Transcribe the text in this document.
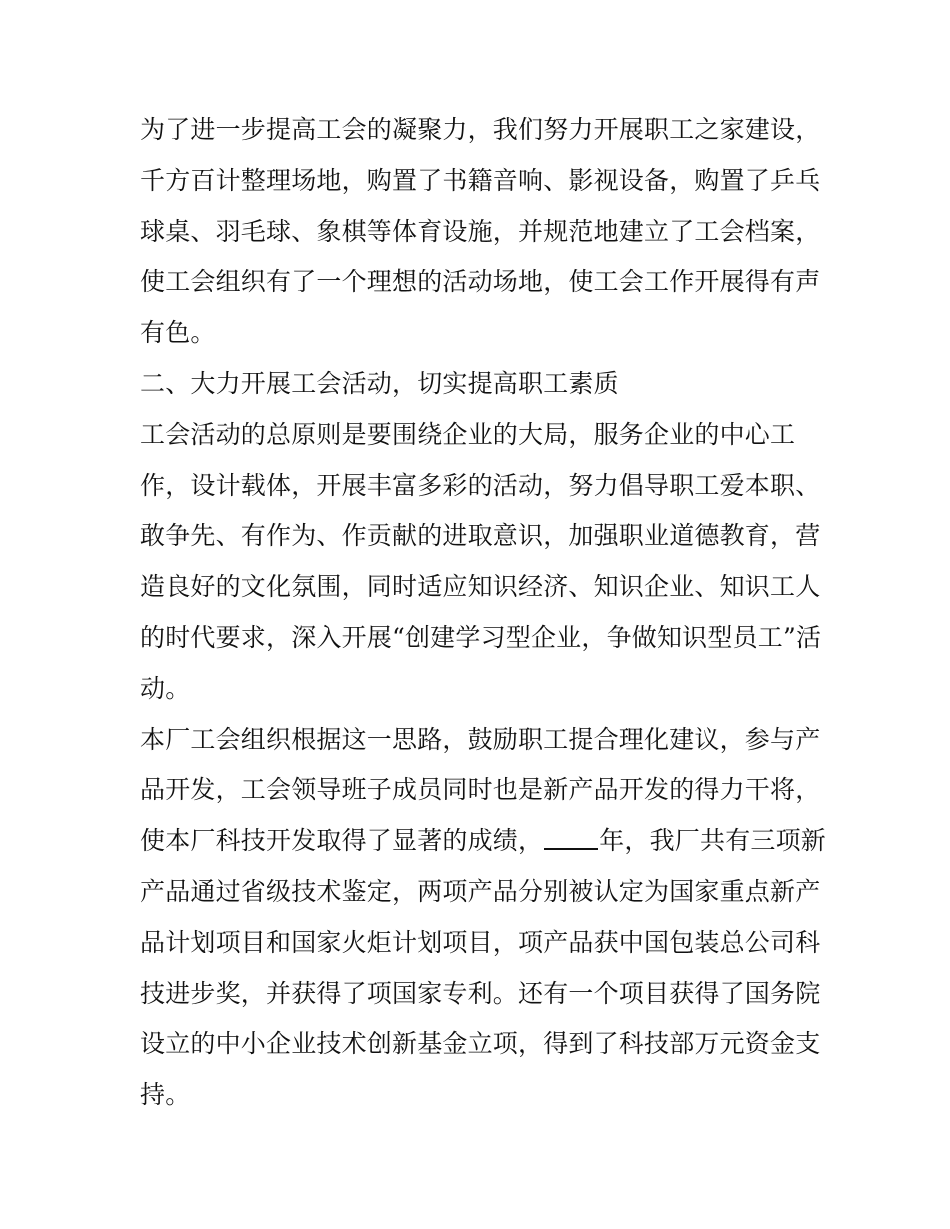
为了进一步提高工会的凝聚力，我们努力开展职工之家建设，
千方百计整理场地，购置了书籍音响、影视设备，购置了乒乓
球桌、羽毛球、象棋等体育设施，并规范地建立了工会档案，
使工会组织有了一个理想的活动场地，使工会工作开展得有声
有色。
二、大力开展工会活动，切实提高职工素质
工会活动的总原则是要围绕企业的大局，服务企业的中心工
作，设计载体，开展丰富多彩的活动，努力倡导职工爱本职、
敢争先、有作为、作贡献的进取意识，加强职业道德教育，营
造良好的文化氛围，同时适应知识经济、知识企业、知识工人
的时代要求，深入开展“创建学习型企业，争做知识型员工”活
动。
本厂工会组织根据这一思路，鼓励职工提合理化建议，参与产
品开发，工会领导班子成员同时也是新产品开发的得力干将，
使本厂科技开发取得了显著的成绩， 年，我厂共有三项新
产品通过省级技术鉴定，两项产品分别被认定为国家重点新产
品计划项目和国家火炬计划项目，项产品获中国包装总公司科
技进步奖，并获得了项国家专利。还有一个项目获得了国务院
设立的中小企业技术创新基金立项，得到了科技部万元资金支
持。
